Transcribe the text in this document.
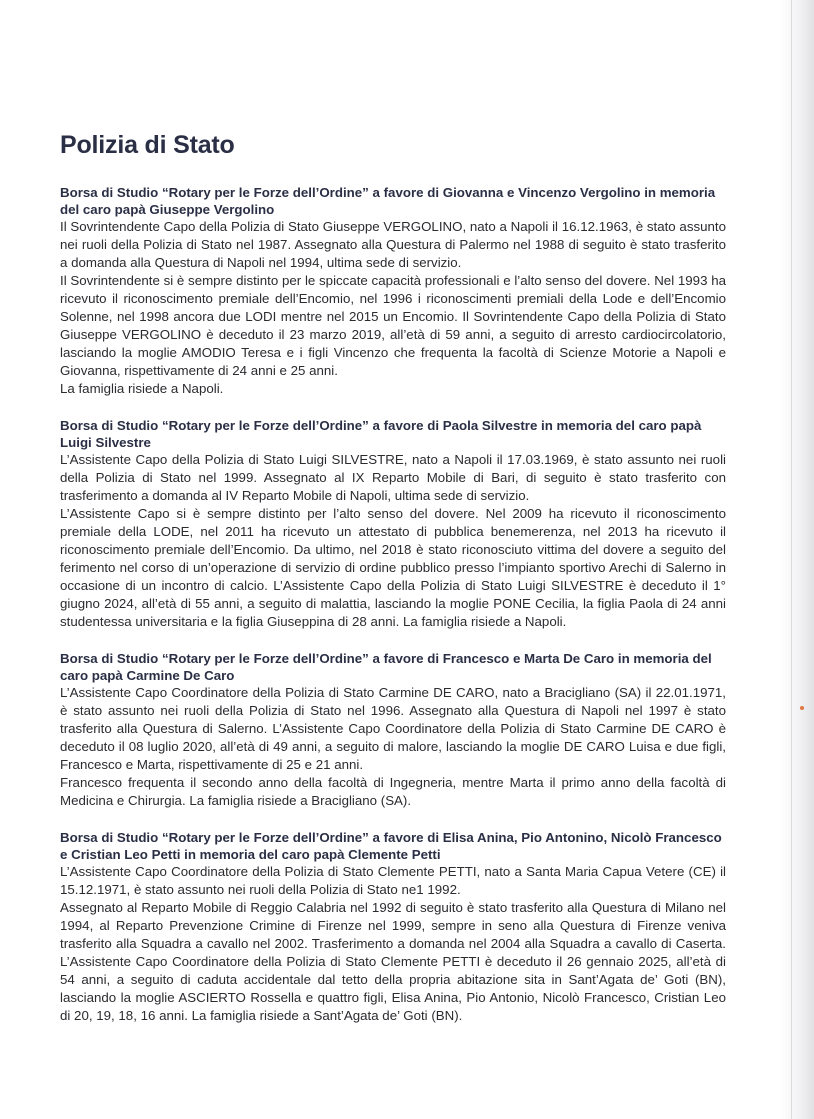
Polizia di Stato

Borsa di Studio “Rotary per le Forze dell’Ordine” a favore di Giovanna e Vincenzo Vergolino in memoria del caro papà Giuseppe Vergolino

Il Sovrintendente Capo della Polizia di Stato Giuseppe VERGOLINO, nato a Napoli il 16.12.1963, è stato assunto nei ruoli della Polizia di Stato nel 1987. Assegnato alla Questura di Palermo nel 1988 di seguito è stato trasferito a domanda alla Questura di Napoli nel 1994, ultima sede di servizio.

Il Sovrintendente si è sempre distinto per le spiccate capacità professionali e l’alto senso del dovere. Nel 1993 ha ricevuto il riconoscimento premiale dell’Encomio, nel 1996 i riconoscimenti premiali della Lode e dell’Encomio Solenne, nel 1998 ancora due LODI mentre nel 2015 un Encomio. Il Sovrintendente Capo della Polizia di Stato Giuseppe VERGOLINO è deceduto il 23 marzo 2019, all’età di 59 anni, a seguito di arresto cardiocircolatorio, lasciando la moglie AMODIO Teresa e i figli Vincenzo che frequenta la facoltà di Scienze Motorie a Napoli e Giovanna, rispettivamente di 24 anni e 25 anni.

La famiglia risiede a Napoli.

Borsa di Studio “Rotary per le Forze dell’Ordine” a favore di Paola Silvestre in memoria del caro papà Luigi Silvestre

L’Assistente Capo della Polizia di Stato Luigi SILVESTRE, nato a Napoli il 17.03.1969, è stato assunto nei ruoli della Polizia di Stato nel 1999. Assegnato al IX Reparto Mobile di Bari, di seguito è stato trasferito con trasferimento a domanda al IV Reparto Mobile di Napoli, ultima sede di servizio.

L’Assistente Capo si è sempre distinto per l’alto senso del dovere. Nel 2009 ha ricevuto il riconoscimento premiale della LODE, nel 2011 ha ricevuto un attestato di pubblica benemerenza, nel 2013 ha ricevuto il riconoscimento premiale dell’Encomio. Da ultimo, nel 2018 è stato riconosciuto vittima del dovere a seguito del ferimento nel corso di un’operazione di servizio di ordine pubblico presso l’impianto sportivo Arechi di Salerno in occasione di un incontro di calcio. L’Assistente Capo della Polizia di Stato Luigi SILVESTRE è deceduto il 1° giugno 2024, all’età di 55 anni, a seguito di malattia, lasciando la moglie PONE Cecilia, la figlia Paola di 24 anni studentessa universitaria e la figlia Giuseppina di 28 anni. La famiglia risiede a Napoli.

Borsa di Studio “Rotary per le Forze dell’Ordine” a favore di Francesco e Marta De Caro in memoria del caro papà Carmine De Caro

L’Assistente Capo Coordinatore della Polizia di Stato Carmine DE CARO, nato a Bracigliano (SA) il 22.01.1971, è stato assunto nei ruoli della Polizia di Stato nel 1996. Assegnato alla Questura di Napoli nel 1997 è stato trasferito alla Questura di Salerno. L’Assistente Capo Coordinatore della Polizia di Stato Carmine DE CARO è deceduto il 08 luglio 2020, all’età di 49 anni, a seguito di malore, lasciando la moglie DE CARO Luisa e due figli, Francesco e Marta, rispettivamente di 25 e 21 anni.

Francesco frequenta il secondo anno della facoltà di Ingegneria, mentre Marta il primo anno della facoltà di Medicina e Chirurgia. La famiglia risiede a Bracigliano (SA).

Borsa di Studio “Rotary per le Forze dell’Ordine” a favore di Elisa Anina, Pio Antonino, Nicolò Francesco e Cristian Leo Petti in memoria del caro papà Clemente Petti

L’Assistente Capo Coordinatore della Polizia di Stato Clemente PETTI, nato a Santa Maria Capua Vetere (CE) il 15.12.1971, è stato assunto nei ruoli della Polizia di Stato ne1 1992.

Assegnato al Reparto Mobile di Reggio Calabria nel 1992 di seguito è stato trasferito alla Questura di Milano nel 1994, al Reparto Prevenzione Crimine di Firenze nel 1999, sempre in seno alla Questura di Firenze veniva trasferito alla Squadra a cavallo nel 2002. Trasferimento a domanda nel 2004 alla Squadra a cavallo di Caserta. L’Assistente Capo Coordinatore della Polizia di Stato Clemente PETTI è deceduto il 26 gennaio 2025, all’età di 54 anni, a seguito di caduta accidentale dal tetto della propria abitazione sita in Sant’Agata de’ Goti (BN), lasciando la moglie ASCIERTO Rossella e quattro figli, Elisa Anina, Pio Antonio, Nicolò Francesco, Cristian Leo di 20, 19, 18, 16 anni. La famiglia risiede a Sant’Agata de’ Goti (BN).
